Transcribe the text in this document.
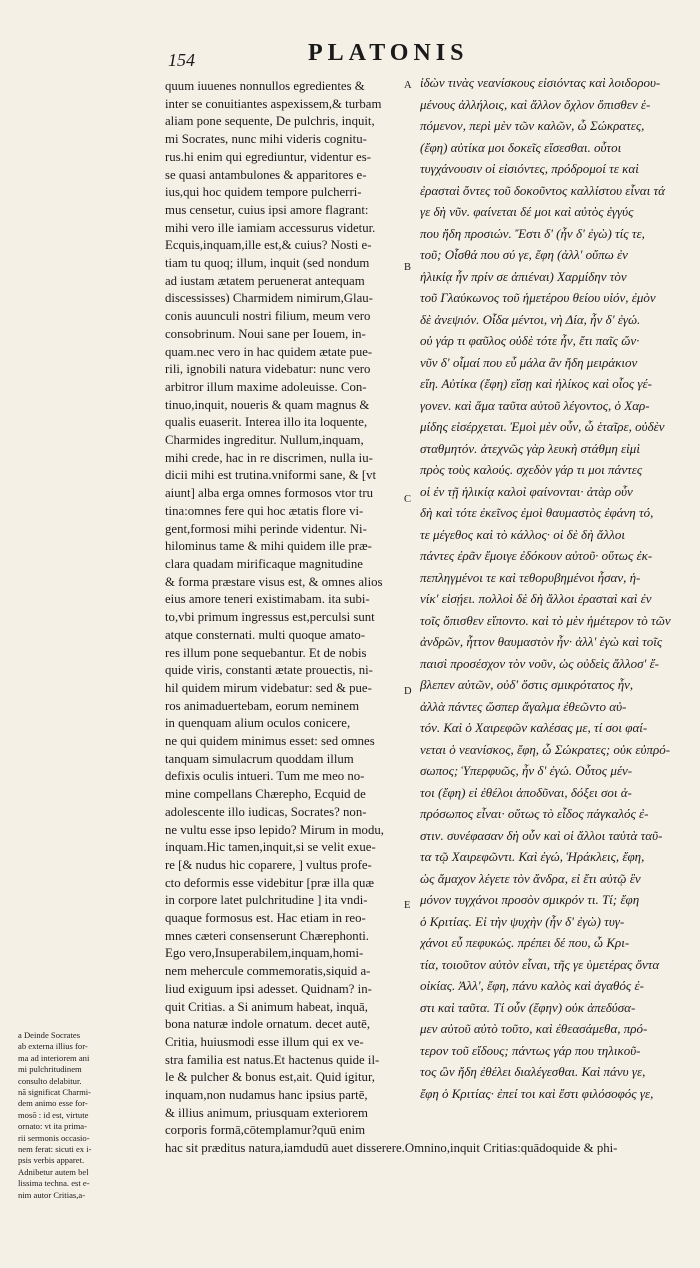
154	PLATONIS
quum iuuenes nonnullos egredientes &
inter se conuitiantes aspexissem,& turbam
aliam pone sequente, De pulchris, inquit,
mi Socrates, nunc mihi videris cognitu-
rus.hi enim qui egrediuntur, videntur es-
se quasi antambulones & apparitores e-
ius,qui hoc quidem tempore pulcherri-
mus censetur, cuius ipsi amore flagrant:
mihi vero ille iamiam accessurus videtur.
Ecquis,inquam,ille est,& cuius? Nosti e-
tiam tu quoq; illum, inquit (sed nondum
ad iustam ætatem peruenerat antequam
discessisses) Charmidem nimirum,Glau-
conis auunculi nostri filium, meum vero
consobrinum. Noui sane per Iouem, in-
quam.nec vero in hac quidem ætate pue-
rili, ignobili natura videbatur: nunc vero
arbitror illum maxime adoleuisse. Con-
tinuo,inquit, noueris & quam magnus &
qualis euaserit. Interea illo ita loquente,
Charmides ingreditur. Nullum,inquam,
mihi crede, hac in re discrimen, nulla iu-
dicii mihi est trutina.vniformi sane, & [vt
aiunt] alba erga omnes formosos vtor tru
tina:omnes fere qui hoc ætatis flore vi-
gent,formosi mihi perinde videntur. Ni-
hilominus tame & mihi quidem ille præ-
clara quadam mirificaque magnitudine
& forma præstare visus est, & omnes alios
eius amore teneri existimabam. ita subi-
to,vbi primum ingressus est,perculsi sunt
atque consternati. multi quoque amato-
res illum pone sequebantur. Et de nobis
quide viris, constanti ætate prouectis, ni-
hil quidem mirum videbatur: sed & pue-
ros animaduertebam, eorum neminem
in quenquam alium oculos conicere,
ne qui quidem minimus esset: sed omnes
tanquam simulacrum quoddam illum
defixis oculis intueri. Tum me meo no-
mine compellans Chærepho, Ecquid de
adolescente illo iudicas, Socrates? non-
ne vultu esse ipso lepido? Mirum in modu,
inquam.Hic tamen,inquit,si se velit exue-
re [& nudus hic coparere, ] vultus profe-
cto deformis esse videbitur [præ illa quæ
in corpore latet pulchritudine ] ita vndi-
quaque formosus est. Hac etiam in reo-
mnes cæteri consenserunt Chærephonti.
Ego vero,Insuperabilem,inquam,homi-
nem mehercule commemoratis,siquid a-
liud exiguum ipsi adesset. Quidnam? in-
quit Critias. a Si animum habeat, inquā,
bona naturæ indole ornatum. decet autē,
Critia, huiusmodi esse illum qui ex ve-
stra familia est natus.Et hactenus quide il-
le & pulcher & bonus est,ait. Quid igitur,
inquam,non nudamus hanc ipsius partē,
& illius animum, priusquam exteriorem
corporis formā,cōtemplamur?quū enim
hac sit præditus natura,iamdudū auet disserere.Omnino,inquit Critias:quādoquide & phi-
A
B
C
D
E
ἰδὼν τινὰς νεανίσκους εἰσιόντας καὶ λοιδορου-
μένους ἀλλήλοις, καὶ ἄλλον ὄχλον ὄπισθεν ἑ-
πόμενον, περὶ μὲν τῶν καλῶν, ὦ Σώκρατες,
(ἔφη) αὐτίκα μοι δοκεῖς εἴσεσθαι. οὗτοι
τυγχάνουσιν οἱ εἰσιόντες, πρόδρομοί τε καὶ
ἐρασταὶ ὄντες τοῦ δοκοῦντος καλλίστου εἶναι τά
γε δὴ νῦν. φαίνεται δέ μοι καὶ αὐτὸς ἐγγύς
που ἤδη προσιών. Ἔστι δ' (ἦν δ' ἐγὼ) τίς τε,
τοῦ; Οἶσθά που σύ γε, ἔφη (ἀλλ' οὔπω ἐν
ἡλικίᾳ ἦν πρίν σε ἀπιέναι) Χαρμίδην τὸν
τοῦ Γλαύκωνος τοῦ ἡμετέρου θείου υἱόν, ἐμὸν
δὲ ἀνεψιόν. Οἶδα μέντοι, νὴ Δία, ἦν δ' ἐγώ.
οὐ γάρ τι φαῦλος οὐδὲ τότε ἦν, ἔτι παῖς ὤν·
νῦν δ' οἶμαί που εὖ μάλα ἂν ἤδη μειράκιον
εἴη. Αὐτίκα (ἔφη) εἴσῃ καὶ ἡλίκος καὶ οἷος γέ-
γονεν. καὶ ἅμα ταῦτα αὐτοῦ λέγοντος, ὁ Χαρ-
μίδης εἰσέρχεται. Ἐμοὶ μὲν οὖν, ὦ ἑταῖρε, οὐδὲν
σταθμητόν. ἀτεχνῶς γὰρ λευκὴ στάθμη εἰμὶ
πρὸς τοὺς καλούς. σχεδὸν γάρ τι μοι πάντες
οἱ ἐν τῇ ἡλικίᾳ καλοὶ φαίνονται· ἀτὰρ οὖν
δὴ καὶ τότε ἐκεῖνος ἐμοὶ θαυμαστὸς ἐφάνη τό,
τε μέγεθος καὶ τὸ κάλλος· οἱ δὲ δὴ ἄλλοι
πάντες ἐρᾶν ἔμοιγε ἐδόκουν αὐτοῦ· οὕτως ἐκ-
πεπληγμένοι τε καὶ τεθορυβημένοι ἦσαν, ἡ-
νίκ' εἰσῄει. πολλοὶ δὲ δὴ ἄλλοι ἐρασταὶ καὶ ἐν
τοῖς ὄπισθεν εἵποντο. καὶ τὸ μὲν ἡμέτερον τὸ τῶν
ἀνδρῶν, ἧττον θαυμαστὸν ἦν· ἀλλ' ἐγὼ καὶ τοῖς
παισὶ προσέσχον τὸν νοῦν, ὡς οὐδεὶς ἄλλοσ' ἔ-
βλεπεν αὐτῶν, οὐδ' ὅστις σμικρότατος ἦν,
ἀλλὰ πάντες ὥσπερ ἄγαλμα ἐθεῶντο αὐ-
τόν. Καὶ ὁ Χαιρεφῶν καλέσας με, τί σοι φαί-
νεται ὁ νεανίσκος, ἔφη, ὦ Σώκρατες; οὐκ εὐπρό-
σωπος; Ὑπερφυῶς, ἦν δ' ἐγώ. Οὗτος μέν-
τοι (ἔφη) εἰ ἐθέλοι ἀποδῦναι, δόξει σοι ἀ-
πρόσωπος εἶναι· οὕτως τὸ εἶδος πάγκαλός ἐ-
στιν. συνέφασαν δὴ οὖν καὶ οἱ ἄλλοι ταὐτὰ ταῦ-
τα τῷ Χαιρεφῶντι. Καὶ ἐγώ, Ἡράκλεις, ἔφη,
ὡς ἄμαχον λέγετε τὸν ἄνδρα, εἰ ἔτι αὐτῷ ἓν
μόνον τυγχάνοι προσὸν σμικρόν τι. Τί; ἔφη
ὁ Κριτίας. Εἰ τὴν ψυχὴν (ἦν δ' ἐγὼ) τυγ-
χάνοι εὖ πεφυκώς. πρέπει δέ που, ὦ Κρι-
τία, τοιοῦτον αὐτὸν εἶναι, τῆς γε ὑμετέρας ὄντα
οἰκίας. Ἀλλ', ἔφη, πάνυ καλὸς καὶ ἀγαθός ἐ-
στι καὶ ταῦτα. Τί οὖν (ἔφην) οὐκ ἀπεδύσα-
μεν αὐτοῦ αὐτὸ τοῦτο, καὶ ἐθεασάμεθα, πρό-
τερον τοῦ εἴδους; πάντως γάρ που τηλικοῦ-
τος ὢν ἤδη ἐθέλει διαλέγεσθαι. Καὶ πάνυ γε,
ἔφη ὁ Κριτίας· ἐπεί τοι καὶ ἔστι φιλόσοφός γε,
a Deinde Socrates
ab externa illius for-
ma ad interiorem ani
mi pulchritudinem
consulto delabitur.
nā significat Charmi-
dem animo esse for-
mosō : id est, virtute
ornato: vt ita prima-
rii sermonis occasio-
nem ferat: sicuti ex i-
psis verbis apparet.
Adnibetur autem bel
lissima techna. est e-
nim autor Critias,a-
